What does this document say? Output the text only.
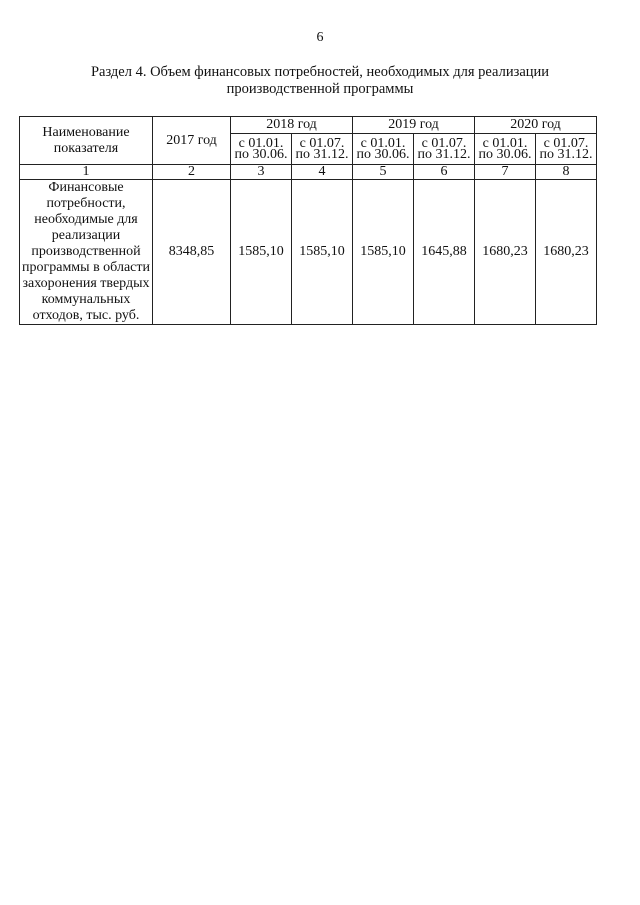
6
Раздел 4. Объем финансовых потребностей, необходимых для реализации
производственной программы
Наименование показателя	2017 год	2018 год		2019 год		2020 год	
		с 01.01. по 30.06.	с 01.07. по 31.12.	с 01.01. по 30.06.	с 01.07. по 31.12.	с 01.01. по 30.06.	с 01.07. по 31.12.
1	2	3	4	5	6	7	8
Финансовые потребности, необходимые для реализации производственной программы в области захоронения твердых коммунальных отходов, тыс. руб.	8348,85	1585,10	1585,10	1585,10	1645,88	1680,23	1680,23
